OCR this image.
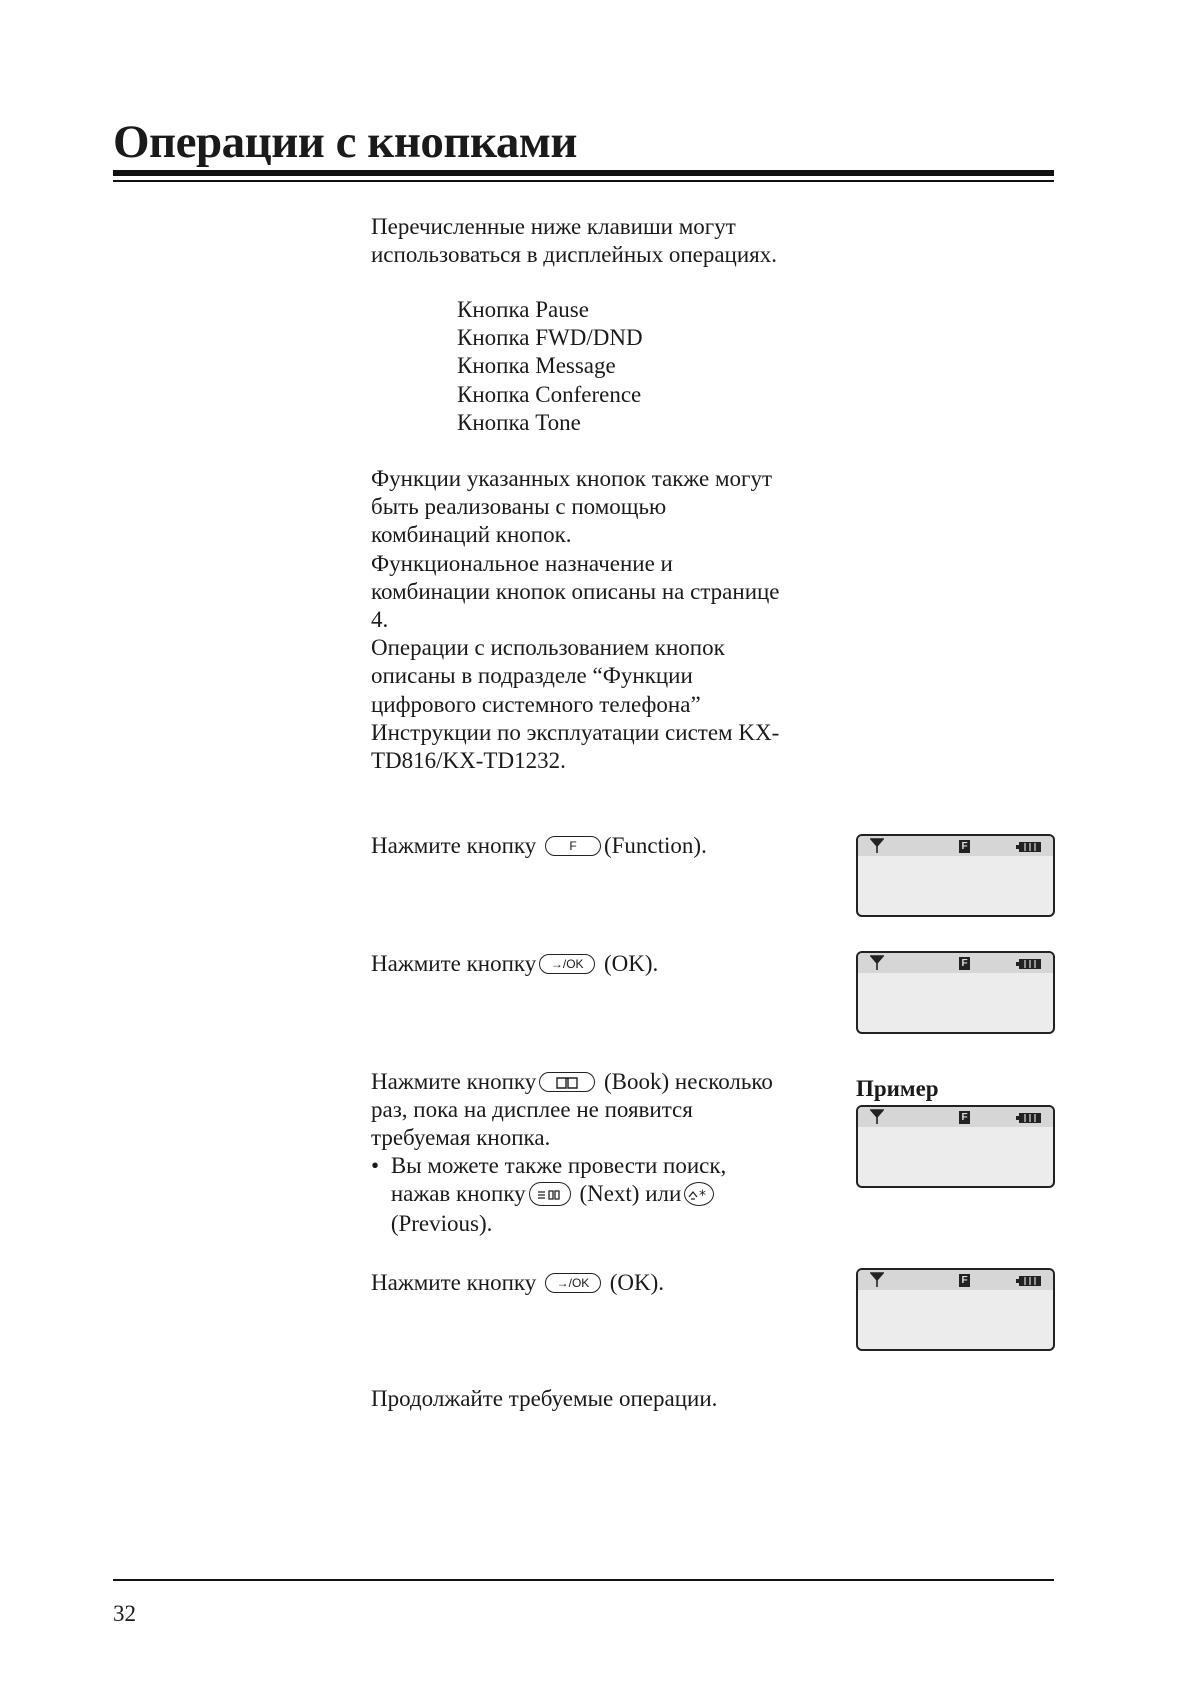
Операции с кнопками

Перечисленные ниже клавиши могут
использоваться в дисплейных операциях.

Кнопка Pause
Кнопка FWD/DND
Кнопка Message
Кнопка Conference
Кнопка Tone

Функции указанных кнопок также могут
быть реализованы с помощью
комбинаций кнопок.
Функциональное назначение и
комбинации кнопок описаны на странице
4.
Операции с использованием кнопок
описаны в подразделе “Функции
цифрового системного телефона”
Инструкции по эксплуатации систем KX-
TD816/KX-TD1232.

Нажмите кнопку	F (Function).

Нажмите кнопку →/OK (OK).

Нажмите кнопку	(Book) несколько
раз, пока на дисплее не появится
требуемая кнопка.

• Вы можете также провести поиск,
нажав кнопку (Next) или *

(Previous).

Нажмите кнопку →/OK (OK).

Продолжайте требуемые операции.

Пример

F
F
F
F

32
